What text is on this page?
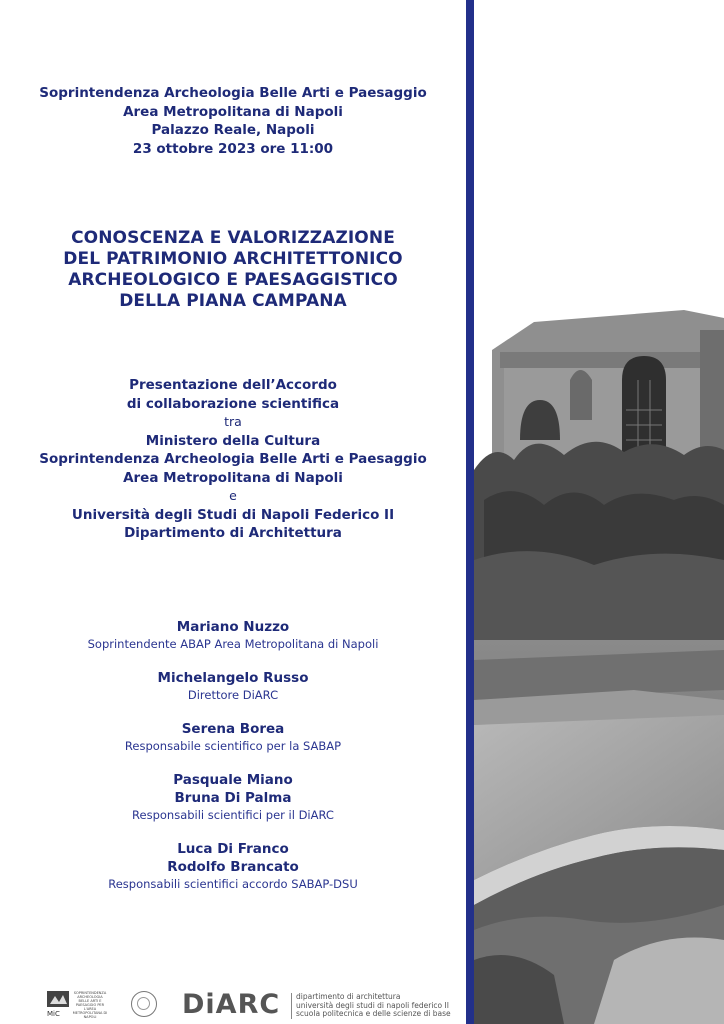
Soprintendenza Archeologia Belle Arti e Paesaggio
Area Metropolitana di Napoli
Palazzo Reale, Napoli
23 ottobre 2023 ore 11:00
CONOSCENZA E VALORIZZAZIONE
DEL PATRIMONIO ARCHITETTONICO
ARCHEOLOGICO E PAESAGGISTICO
DELLA PIANA CAMPANA
Presentazione dell’Accordo
di collaborazione scientifica
tra
Ministero della Cultura
Soprintendenza Archeologia Belle Arti e Paesaggio
Area Metropolitana di Napoli
e
Università degli Studi di Napoli Federico II
Dipartimento di Architettura
Mariano Nuzzo
Soprintendente ABAP Area Metropolitana di Napoli
Michelangelo Russo
Direttore DiARC
Serena Borea
Responsabile scientifico per la SABAP
Pasquale Miano
Bruna Di Palma
Responsabili scientifici per il DiARC
Luca Di Franco
Rodolfo Brancato
Responsabili scientifici accordo SABAP-DSU
MiC
SOPRINTENDENZA ARCHEOLOGIA BELLE ARTI E PAESAGGIO PER L'AREA METROPOLITANA DI NAPOLI	DiARC dipartimento di architettura
università degli studi di napoli federico II
scuola politecnica e delle scienze di base
